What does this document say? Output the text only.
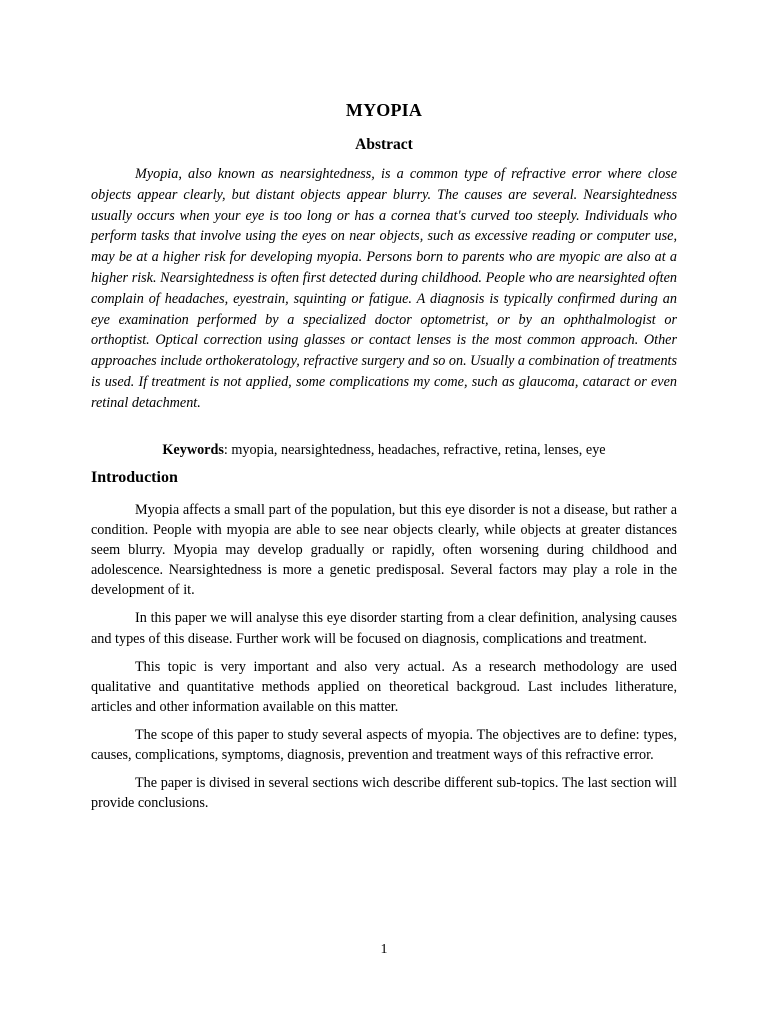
MYOPIA
Abstract

Myopia, also known as nearsightedness, is a common type of refractive error where close objects appear clearly, but distant objects appear blurry. The causes are several. Nearsightedness usually occurs when your eye is too long or has a cornea that's curved too steeply. Individuals who perform tasks that involve using the eyes on near objects, such as excessive reading or computer use, may be at a higher risk for developing myopia. Persons born to parents who are myopic are also at a higher risk. Nearsightedness is often first detected during childhood. People who are nearsighted often complain of headaches, eyestrain, squinting or fatigue. A diagnosis is typically confirmed during an eye examination performed by a specialized doctor optometrist, or by an ophthalmologist or orthoptist. Optical correction using glasses or contact lenses is the most common approach. Other approaches include orthokeratology, refractive surgery and so on. Usually a combination of treatments is used. If treatment is not applied, some complications my come, such as glaucoma, cataract or even retinal detachment.

Keywords: myopia, nearsightedness, headaches, refractive, retina, lenses, eye
Introduction

Myopia affects a small part of the population, but this eye disorder is not a disease, but rather a condition. People with myopia are able to see near objects clearly, while objects at greater distances seem blurry. Myopia may develop gradually or rapidly, often worsening during childhood and adolescence. Nearsightedness is more a genetic predisposal. Several factors may play a role in the development of it.

In this paper we will analyse this eye disorder starting from a clear definition, analysing causes and types of this disease. Further work will be focused on diagnosis, complications and treatment.

This topic is very important and also very actual. As a research methodology are used qualitative and quantitative methods applied on theoretical backgroud. Last includes litherature, articles and other information available on this matter.

The scope of this paper to study several aspects of myopia. The objectives are to define: types, causes, complications, symptoms, diagnosis, prevention and treatment ways of this refractive error.

The paper is divised in several sections wich describe different sub-topics. The last section will provide conclusions.

1
